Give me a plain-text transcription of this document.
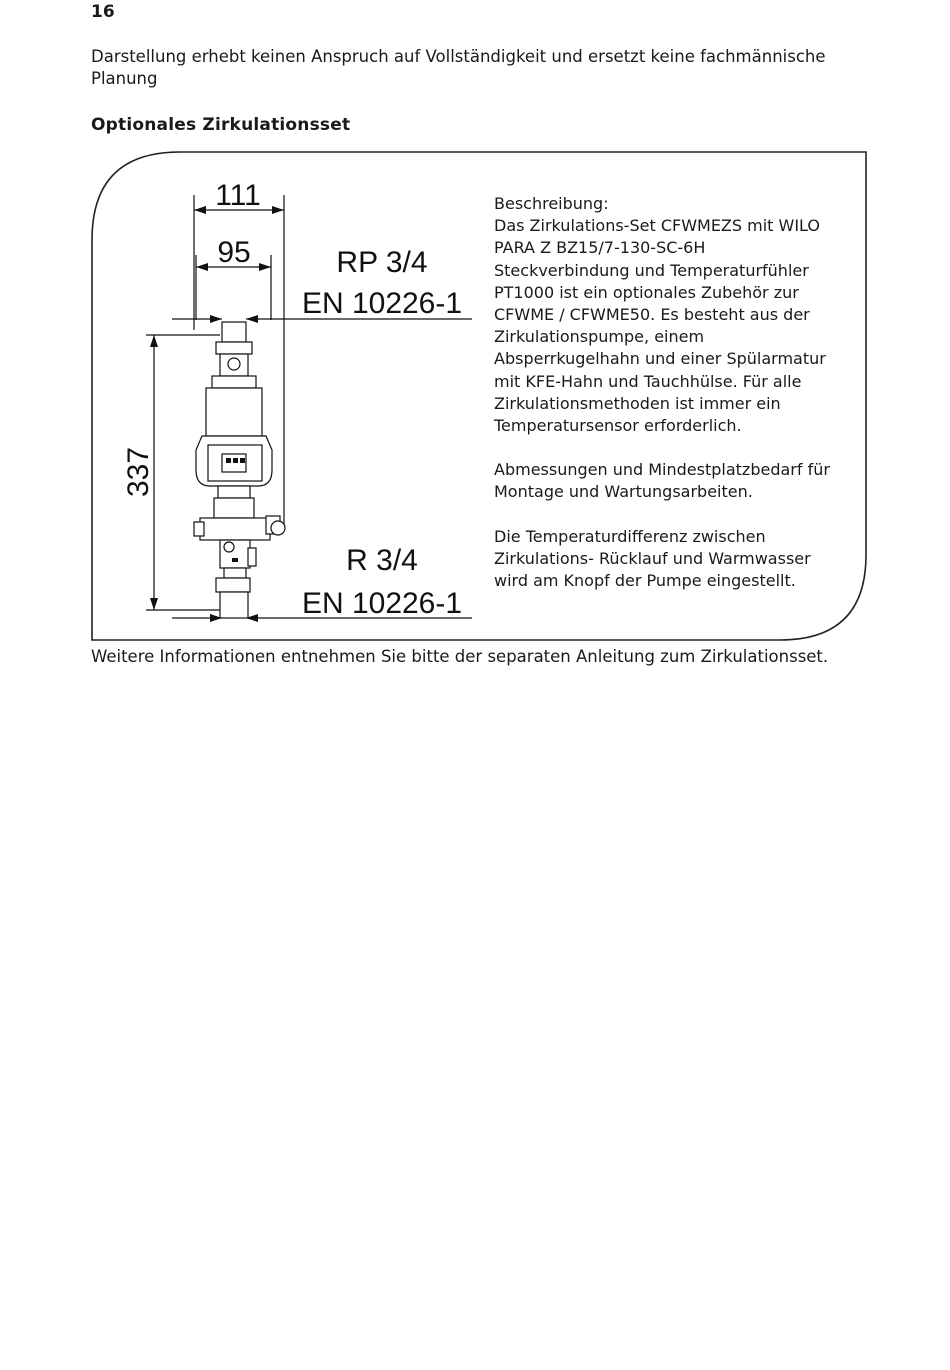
16
Darstellung erhebt keinen Anspruch auf Vollständigkeit und ersetzt keine fachmännische Planung
Optionales Zirkulationsset
111
95
337
RP 3/4
EN 10226-1
R 3/4
EN 10226-1

Beschreibung:

Das Zirkulations-Set CFWMEZS mit WILO PARA Z BZ15/7-130-SC-6H Steckverbindung und Temperaturfühler PT1000 ist ein optionales Zubehör zur CFWME / CFWME50. Es besteht aus der Zirkulationspumpe, einem Absperrkugelhahn und einer Spülarmatur mit KFE-Hahn und Tauchhülse. Für alle Zirkulationsmethoden ist immer ein Temperatursensor erforderlich.

Abmessungen und Mindestplatzbedarf für Montage und Wartungsarbeiten.

Die Temperaturdifferenz zwischen Zirkulations- Rücklauf und Warmwasser wird am Knopf der Pumpe eingestellt.

Weitere Informationen entnehmen Sie bitte der separaten Anleitung zum Zirkulationsset.
